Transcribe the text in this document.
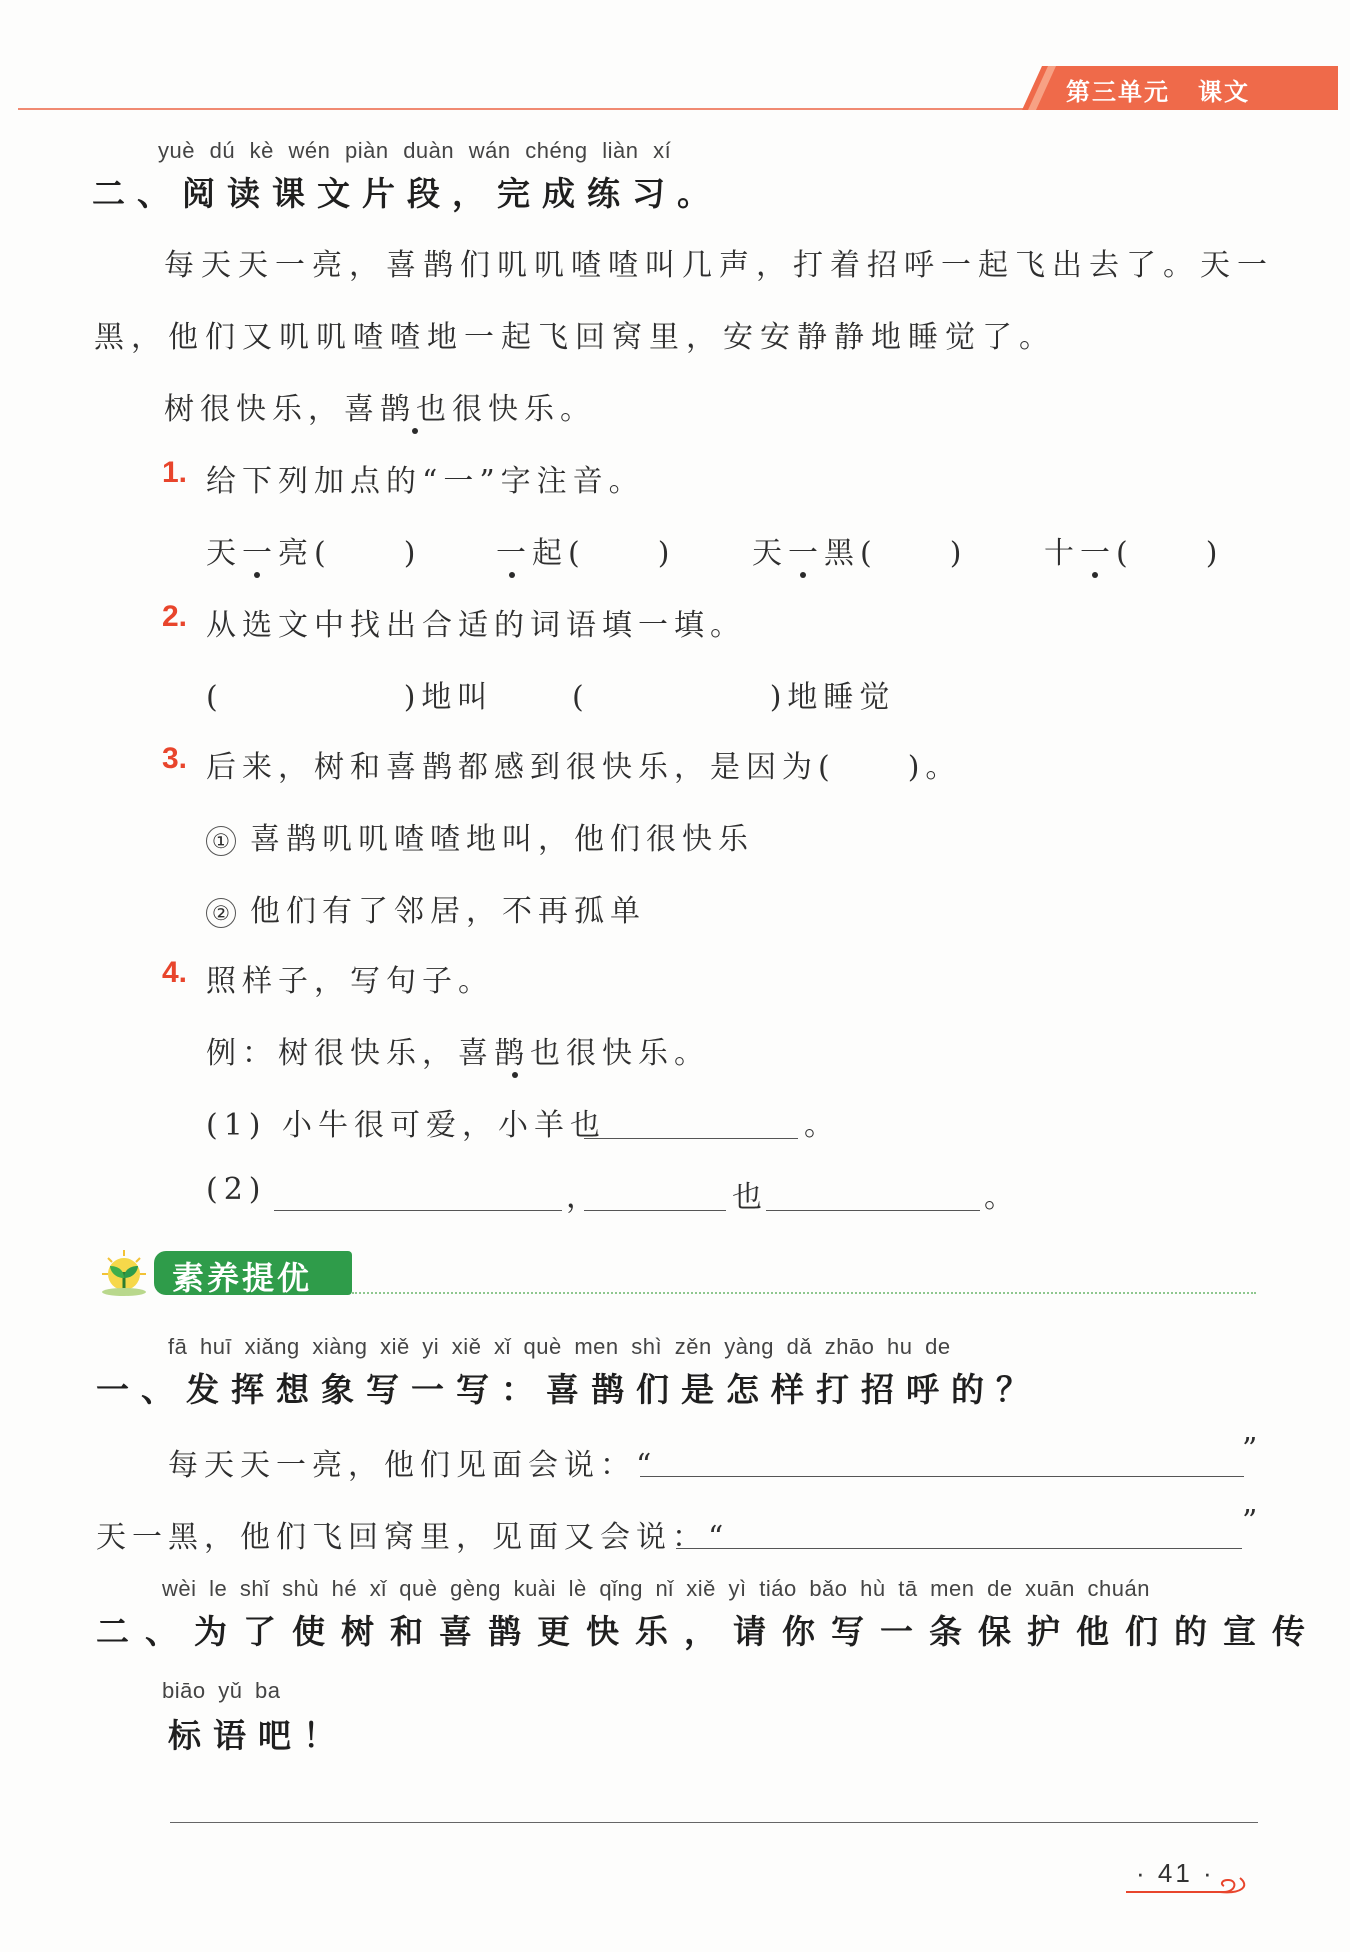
第三单元 课文
yuè dú kè wén piàn duàn wán chéng liàn xí
二、阅读课文片段，完成练习。
每天天一亮，喜鹊们叽叽喳喳叫几声，打着招呼一起飞出去了。天一
黑，他们又叽叽喳喳地一起飞回窝里，安安静静地睡觉了。
树很快乐，喜鹊也很快乐。
1. 给下列加点的“一”字注音。
天一亮(　　) 一起(　　)	天一黑(　　)	十一(　　)
2. 从选文中找出合适的词语填一填。
(　　　　　)地叫	(　　　　　)地睡觉
3. 后来，树和喜鹊都感到很快乐，是因为(　　)。
① 喜鹊叽叽喳喳地叫，他们很快乐
② 他们有了邻居，不再孤单
4. 照样子，写句子。
例：树很快乐，喜鹊也很快乐。
(1) 小牛很可爱，小羊也	。
(2)	，	也	。
素养提优
fā huī xiǎng xiàng xiě yi xiě xǐ què men shì zěn yàng dǎ zhāo hu de
一、发挥想象写一写：喜鹊们是怎样打招呼的？
每天天一亮，他们见面会说：“	”
天一黑，他们飞回窝里，见面又会说：“	”
wèi le shǐ shù hé xǐ què gèng kuài lè qǐng nǐ xiě yì tiáo bǎo hù tā men de xuān chuán
二、为了使树和喜鹊更快乐，请你写一条保护他们的宣传
biāo yǔ ba
标语吧！
· 41 ·
